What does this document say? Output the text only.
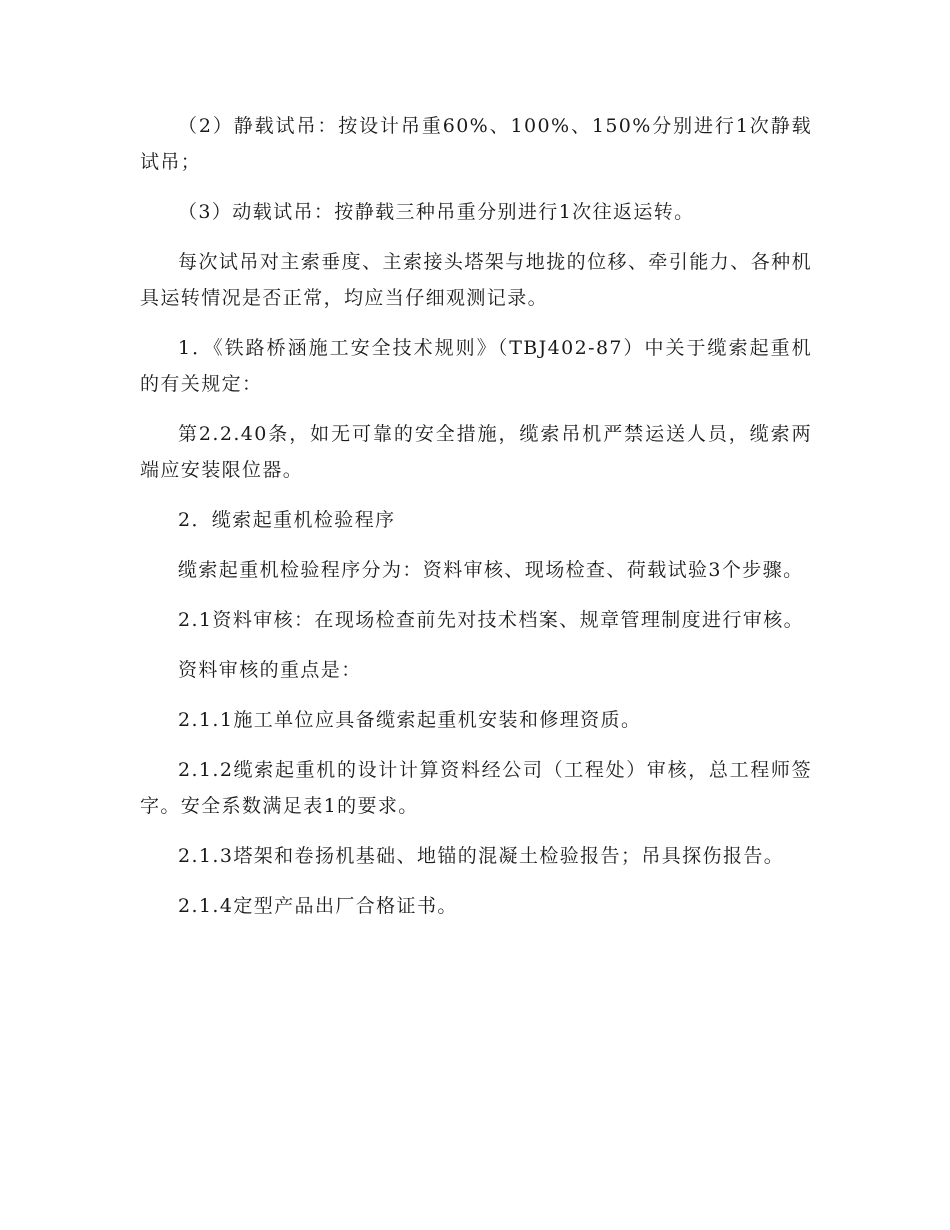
（2）静载试吊：按设计吊重60%、100%、150%分别进行1次静载试吊；

（3）动载试吊：按静载三种吊重分别进行1次往返运转。

每次试吊对主索垂度、主索接头塔架与地拢的位移、牵引能力、各种机具运转情况是否正常，均应当仔细观测记录。

1．《铁路桥涵施工安全技术规则》（TBJ402-87）中关于缆索起重机的有关规定：

第2.2.40条，如无可靠的安全措施，缆索吊机严禁运送人员，缆索两端应安装限位器。

2．缆索起重机检验程序

缆索起重机检验程序分为：资料审核、现场检查、荷载试验3个步骤。

2.1资料审核：在现场检查前先对技术档案、规章管理制度进行审核。

资料审核的重点是：

2.1.1施工单位应具备缆索起重机安装和修理资质。

2.1.2缆索起重机的设计计算资料经公司（工程处）审核，总工程师签字。安全系数满足表1的要求。

2.1.3塔架和卷扬机基础、地锚的混凝土检验报告；吊具探伤报告。

2.1.4定型产品出厂合格证书。
